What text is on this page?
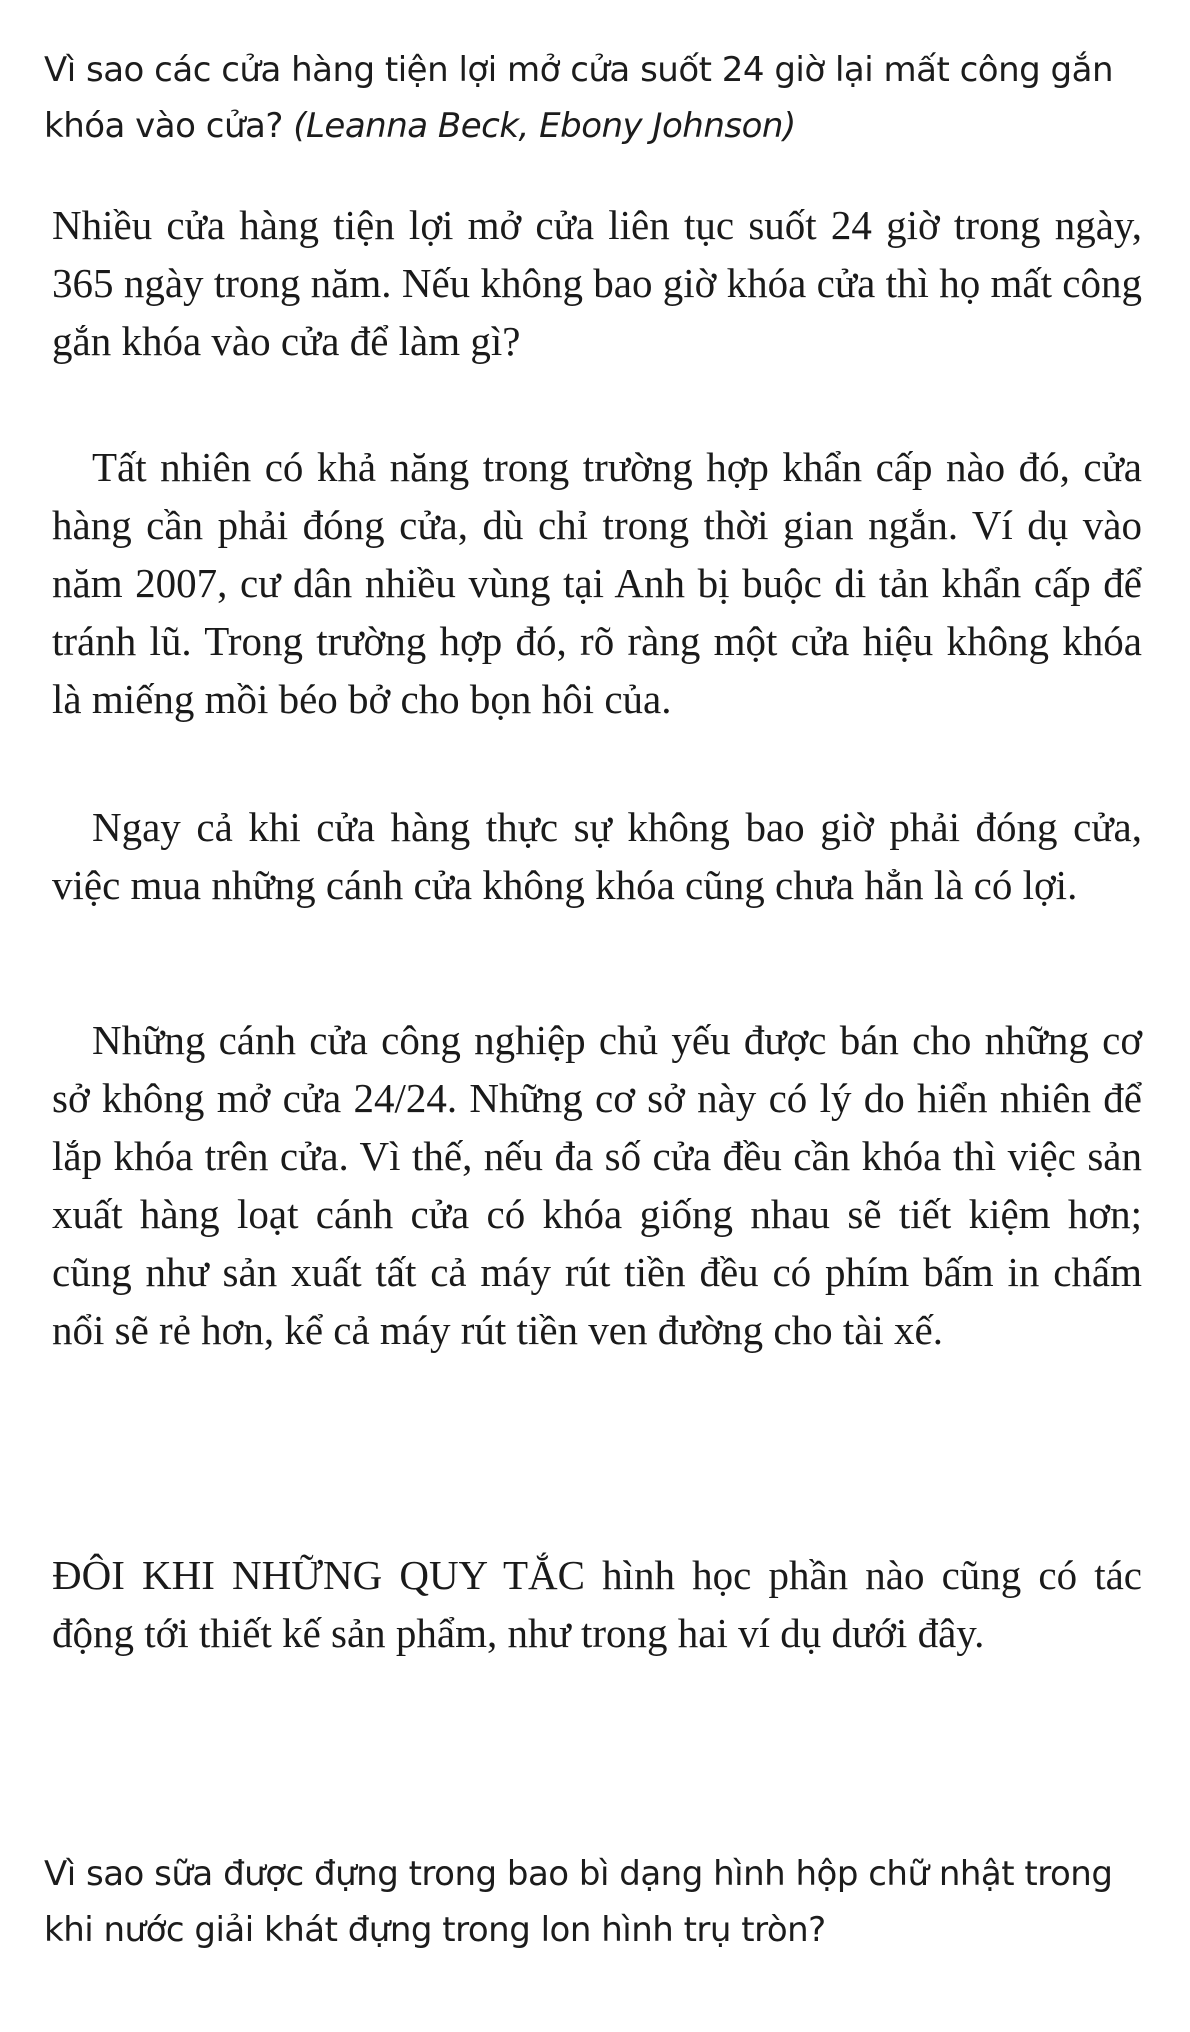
Vì sao các cửa hàng tiện lợi mở cửa suốt 24 giờ lại mất công gắn khóa vào cửa? (Leanna Beck, Ebony Johnson)

Nhiều cửa hàng tiện lợi mở cửa liên tục suốt 24 giờ trong ngày, 365 ngày trong năm. Nếu không bao giờ khóa cửa thì họ mất công gắn khóa vào cửa để làm gì?

Tất nhiên có khả năng trong trường hợp khẩn cấp nào đó, cửa hàng cần phải đóng cửa, dù chỉ trong thời gian ngắn. Ví dụ vào năm 2007, cư dân nhiều vùng tại Anh bị buộc di tản khẩn cấp để tránh lũ. Trong trường hợp đó, rõ ràng một cửa hiệu không khóa là miếng mồi béo bở cho bọn hôi của.

Ngay cả khi cửa hàng thực sự không bao giờ phải đóng cửa, việc mua những cánh cửa không khóa cũng chưa hẳn là có lợi.

Những cánh cửa công nghiệp chủ yếu được bán cho những cơ sở không mở cửa 24/24. Những cơ sở này có lý do hiển nhiên để lắp khóa trên cửa. Vì thế, nếu đa số cửa đều cần khóa thì việc sản xuất hàng loạt cánh cửa có khóa giống nhau sẽ tiết kiệm hơn; cũng như sản xuất tất cả máy rút tiền đều có phím bấm in chấm nổi sẽ rẻ hơn, kể cả máy rút tiền ven đường cho tài xế.

ĐÔI KHI NHỮNG QUY TẮC hình học phần nào cũng có tác động tới thiết kế sản phẩm, như trong hai ví dụ dưới đây.

Vì sao sữa được đựng trong bao bì dạng hình hộp chữ nhật trong khi nước giải khát đựng trong lon hình trụ tròn?
